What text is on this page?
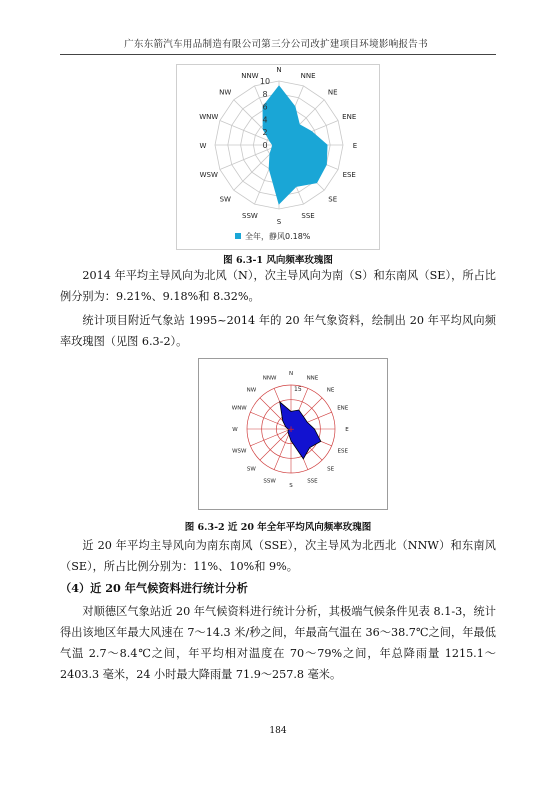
广东东箭汽车用品制造有限公司第三分公司改扩建项目环境影响报告书
0
2
4
6
8
10
N
NNE
NE
ENE
E
ESE
SE
SSE
S
SSW
SW
WSW
W
WNW
NW
NNW
全年，静风0.18%
图 6.3-1 风向频率玫瑰图
2014 年平均主导风向为北风（N），次主导风向为南（S）和东南风（SE），所占比例分别为：9.21%、9.18%和 8.32%。
统计项目附近气象站 1995~2014 年的 20 年气象资料，绘制出 20 年平均风向频率玫瑰图（见图 6.3-2）。
+
15
N
NNE
NE
ENE
E
ESE
SE
SSE
S
SSW
SW
WSW
W
WNW
NW
NNW
图 6.3-2 近 20 年全年平均风向频率玫瑰图
近 20 年平均主导风向为南东南风（SSE），次主导风为北西北（NNW）和东南风（SE），所占比例分别为：11%、10%和 9%。
（4）近 20 年气候资料进行统计分析
对顺德区气象站近 20 年气候资料进行统计分析，其极端气候条件见表 8.1-3，统计得出该地区年最大风速在 7～14.3 米/秒之间，年最高气温在 36～38.7℃之间，年最低气温 2.7～8.4℃之间，年平均相对温度在 70～79%之间，年总降雨量 1215.1～2403.3 毫米，24 小时最大降雨量 71.9～257.8 毫米。
184
